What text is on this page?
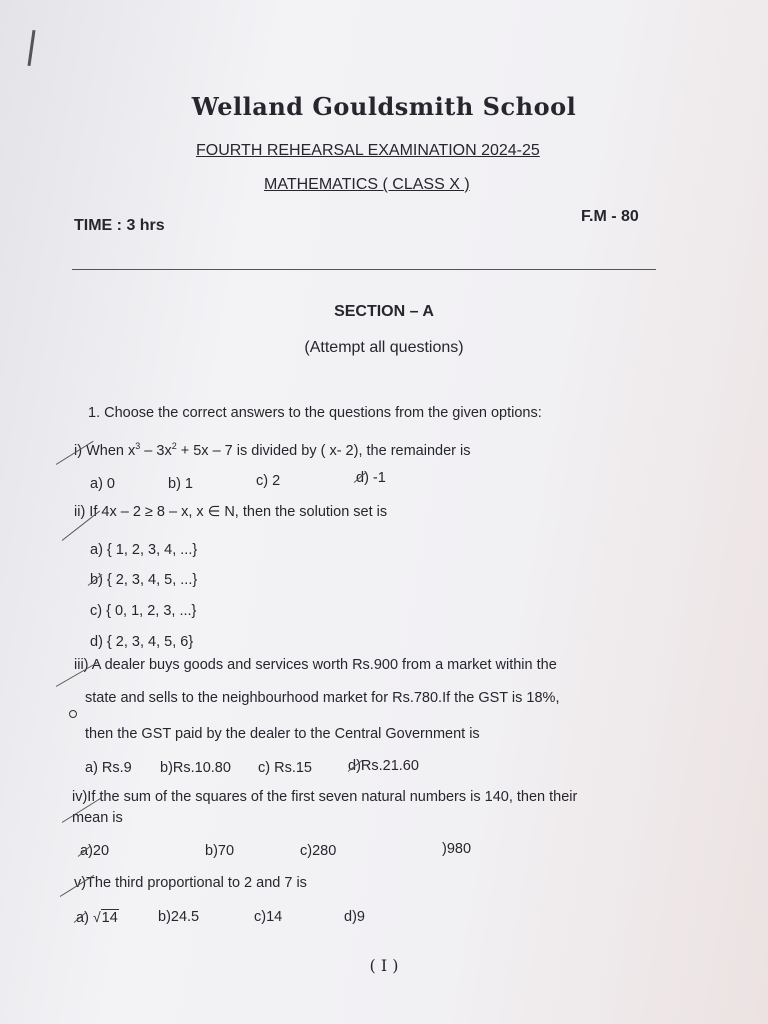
Welland Gouldsmith School
FOURTH REHEARSAL EXAMINATION 2024-25
MATHEMATICS ( CLASS X )
TIME : 3 hrs
F.M - 80
SECTION – A
(Attempt all questions)
1. Choose the correct answers to the questions from the given options:
i) When $x^3 - 3x^2 + 5x - 7$ is divided by ( x- 2), the remainder is
a) 0	b) 1	c) 2	d) -1
ii) If 4x – 2 ≥ 8 – x, x ∈ N, then the solution set is
a) { 1, 2, 3, 4, ...}
b) { 2, 3, 4, 5, ...}
c) { 0, 1, 2, 3, ...}
d) { 2, 3, 4, 5, 6}
iii) A dealer buys goods and services worth Rs.900 from a market within the
state and sells to the neighbourhood market for Rs.780.If the GST is 18%,
then the GST paid by the dealer to the Central Government is
a) Rs.9 b)Rs.10.80 c) Rs.15 d)Rs.21.60
iv)If the sum of the squares of the first seven natural numbers is 140, then their
mean is
a)20	b)70	c)280	)980
v)The third proportional to 2 and 7 is
a) √14	b)24.5	c)14	d)9
( I )
